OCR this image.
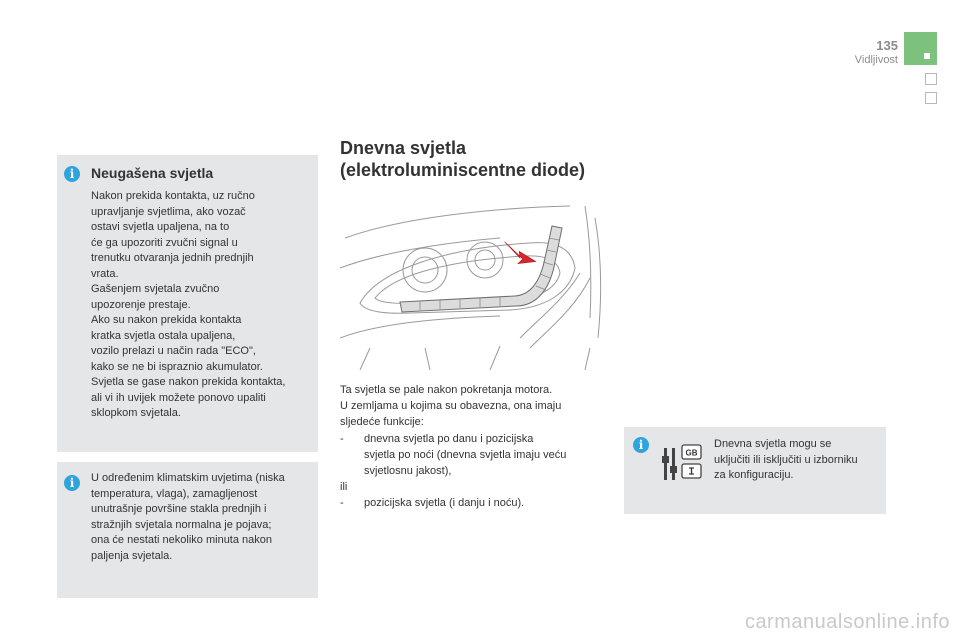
135
Vidljivost
i	Neugašena svjetla

Nakon prekida kontakta, uz ručno
upravljanje svjetlima, ako vozač
ostavi svjetla upaljena, na to
će ga upozoriti zvučni signal u
trenutku otvaranja jednih prednjih
vrata.
Gašenjem svjetala zvučno
upozorenje prestaje.
Ako su nakon prekida kontakta
kratka svjetla ostala upaljena,
vozilo prelazi u način rada "ECO",
kako se ne bi ispraznio akumulator.
Svjetla se gase nakon prekida kontakta,
ali vi ih uvijek možete ponovo upaliti
sklopkom svjetala.

i	U određenim klimatskim uvjetima (niska
temperatura, vlaga), zamagljenost
unutrašnje površine stakla prednjih i
stražnjih svjetala normalna je pojava;
ona će nestati nekoliko minuta nakon
paljenja svjetala.

Dnevna svjetla
(elektroluminiscentne diode)

Ta svjetla se pale nakon pokretanja motora.

U zemljama u kojima su obavezna, ona imaju

sljedeće funkcije:

- dnevna svjetla po danu i pozicijska

svjetla po noći (dnevna svjetla imaju veću

svjetlosnu jakost),

ili

- pozicijska svjetla (i danju i noću).

i
GB
Dnevna svjetla mogu se
uključiti ili isključiti u izborniku
za konfiguraciju.
carmanualsonline.info
